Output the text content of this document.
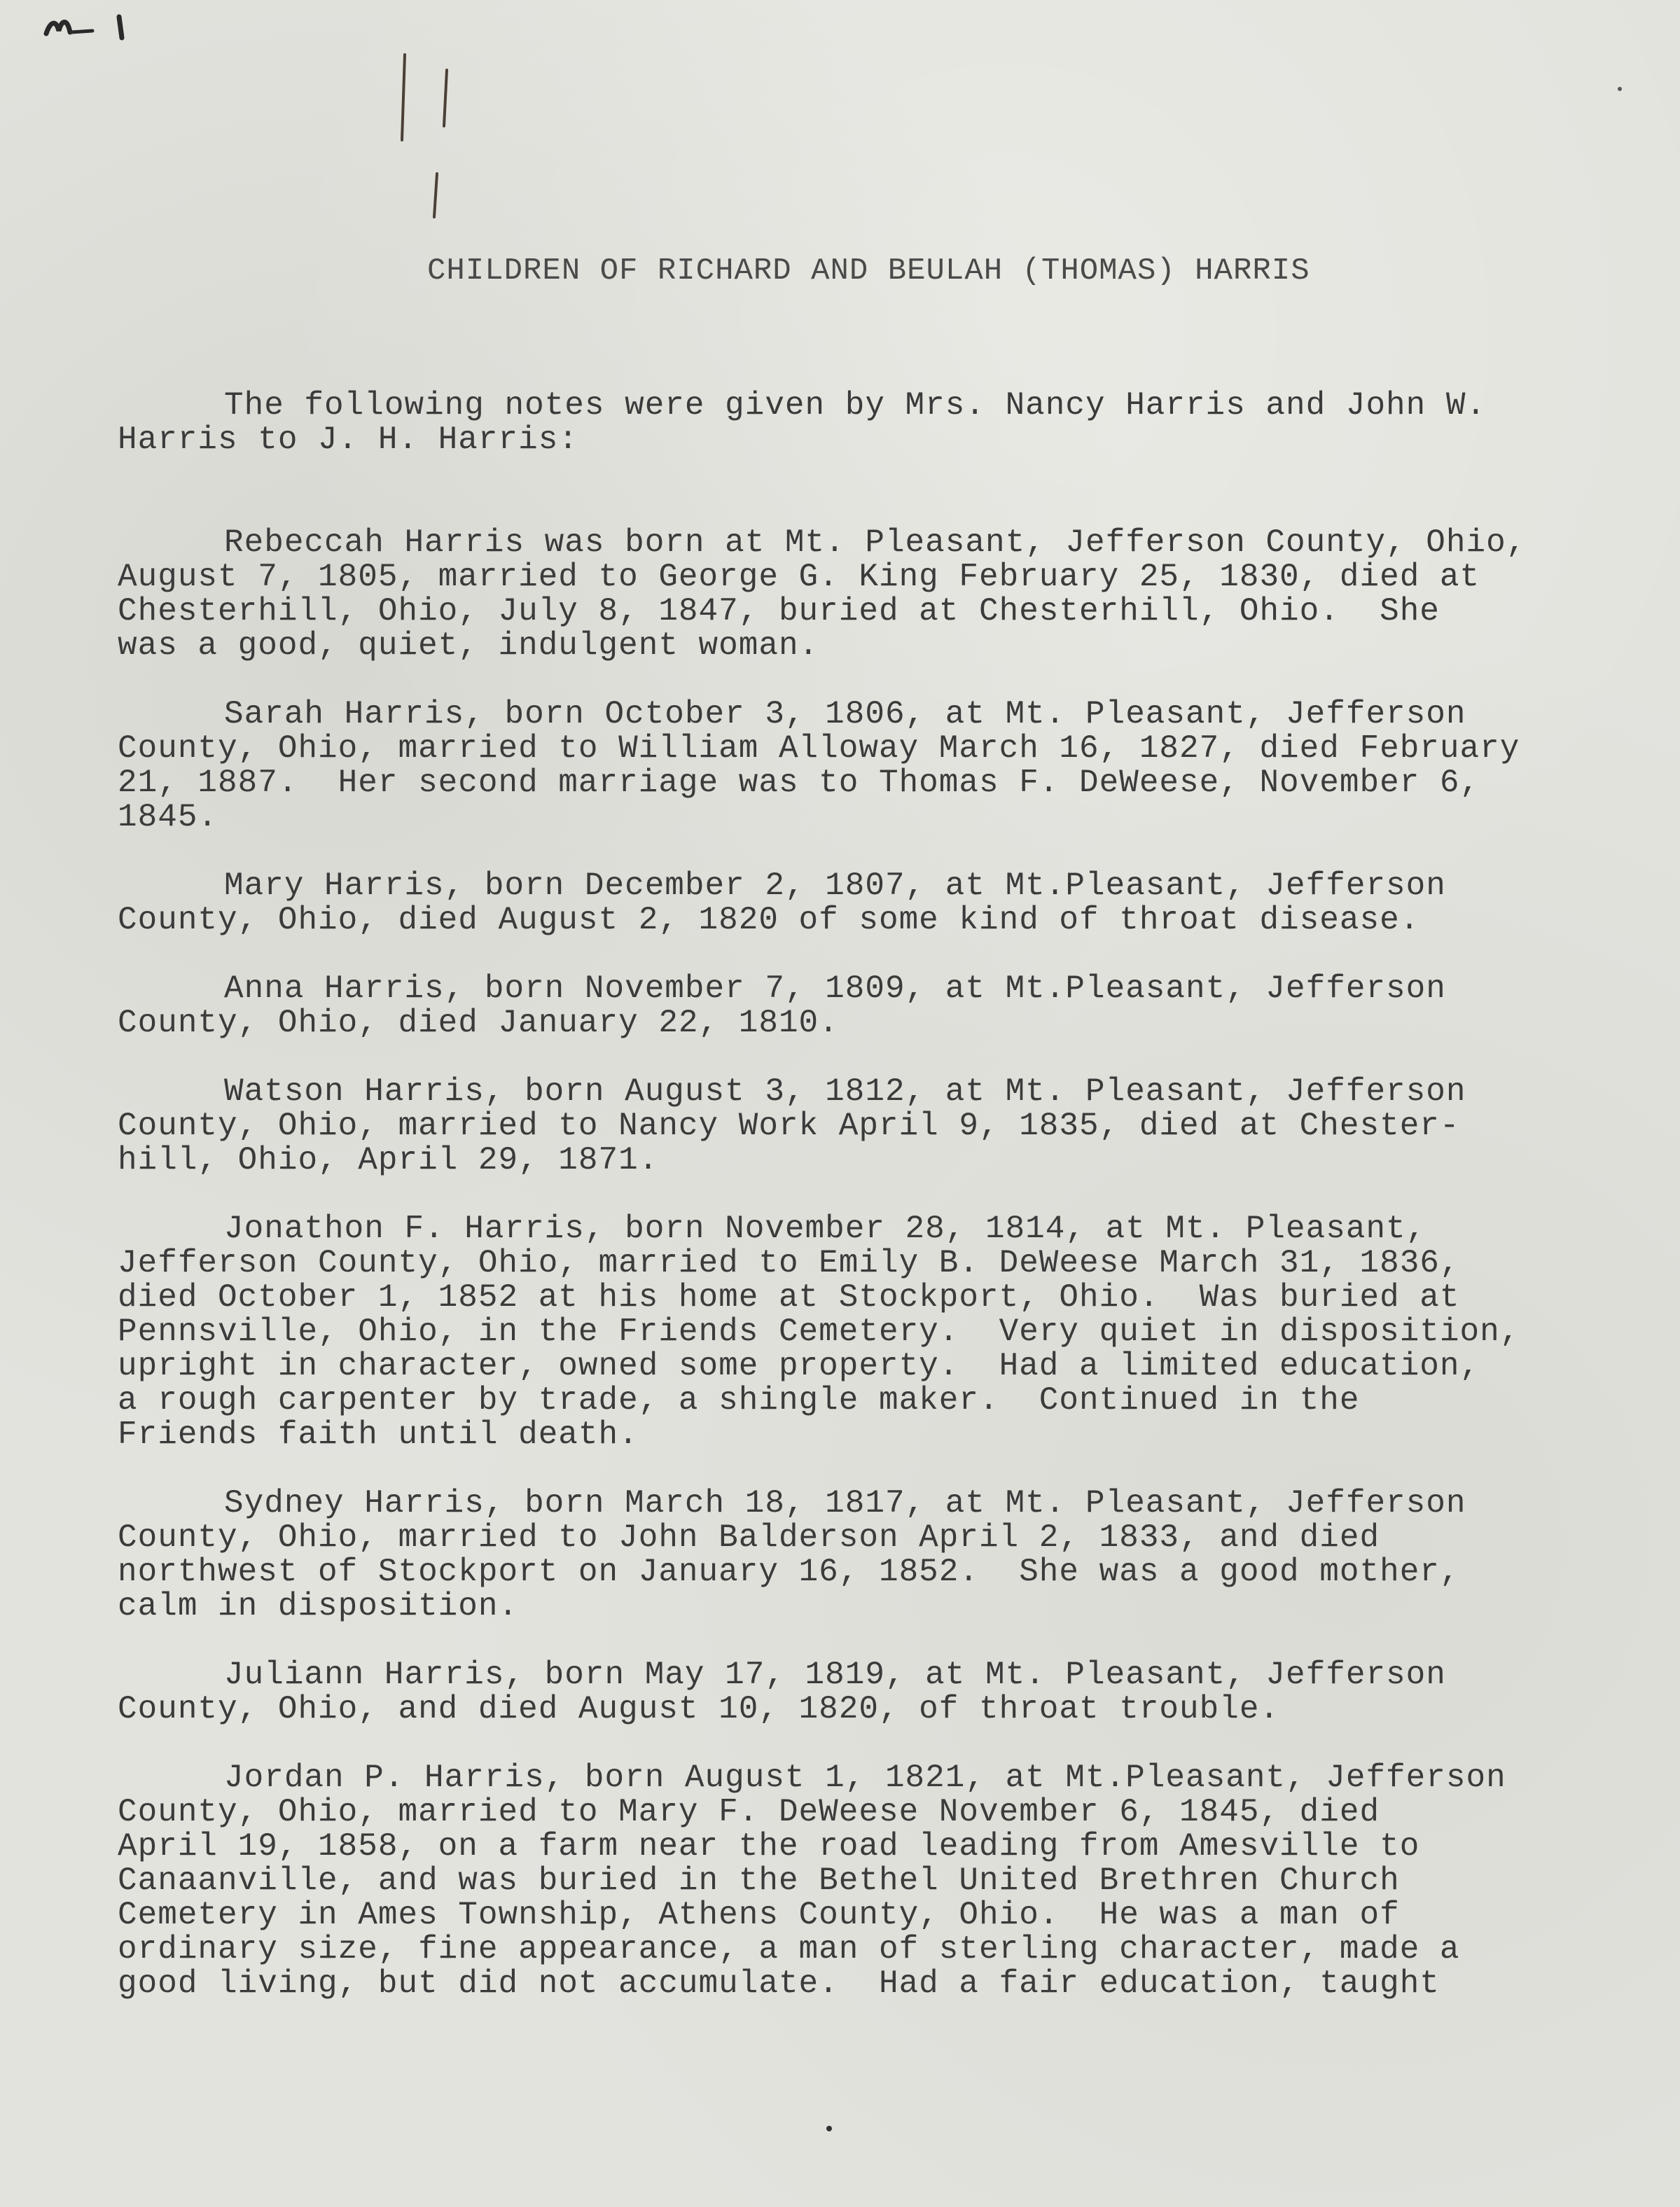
CHILDREN OF RICHARD AND BEULAH (THOMAS) HARRIS

The following notes were given by Mrs. Nancy Harris and John W.
Harris to J. H. Harris:

Rebeccah Harris was born at Mt. Pleasant, Jefferson County, Ohio,
August 7, 1805, married to George G. King February 25, 1830, died at
Chesterhill, Ohio, July 8, 1847, buried at Chesterhill, Ohio.  She
was a good, quiet, indulgent woman.

Sarah Harris, born October 3, 1806, at Mt. Pleasant, Jefferson
County, Ohio, married to William Alloway March 16, 1827, died February
21, 1887.  Her second marriage was to Thomas F. DeWeese, November 6,
1845.

Mary Harris, born December 2, 1807, at Mt.Pleasant, Jefferson
County, Ohio, died August 2, 1820 of some kind of throat disease.

Anna Harris, born November 7, 1809, at Mt.Pleasant, Jefferson
County, Ohio, died January 22, 1810.

Watson Harris, born August 3, 1812, at Mt. Pleasant, Jefferson
County, Ohio, married to Nancy Work April 9, 1835, died at Chester-
hill, Ohio, April 29, 1871.

Jonathon F. Harris, born November 28, 1814, at Mt. Pleasant,
Jefferson County, Ohio, married to Emily B. DeWeese March 31, 1836,
died October 1, 1852 at his home at Stockport, Ohio.  Was buried at
Pennsville, Ohio, in the Friends Cemetery.  Very quiet in disposition,
upright in character, owned some property.  Had a limited education,
a rough carpenter by trade, a shingle maker.  Continued in the
Friends faith until death.

Sydney Harris, born March 18, 1817, at Mt. Pleasant, Jefferson
County, Ohio, married to John Balderson April 2, 1833, and died
northwest of Stockport on January 16, 1852.  She was a good mother,
calm in disposition.

Juliann Harris, born May 17, 1819, at Mt. Pleasant, Jefferson
County, Ohio, and died August 10, 1820, of throat trouble.

Jordan P. Harris, born August 1, 1821, at Mt.Pleasant, Jefferson
County, Ohio, married to Mary F. DeWeese November 6, 1845, died
April 19, 1858, on a farm near the road leading from Amesville to
Canaanville, and was buried in the Bethel United Brethren Church
Cemetery in Ames Township, Athens County, Ohio.  He was a man of
ordinary size, fine appearance, a man of sterling character, made a
good living, but did not accumulate.  Had a fair education, taught
